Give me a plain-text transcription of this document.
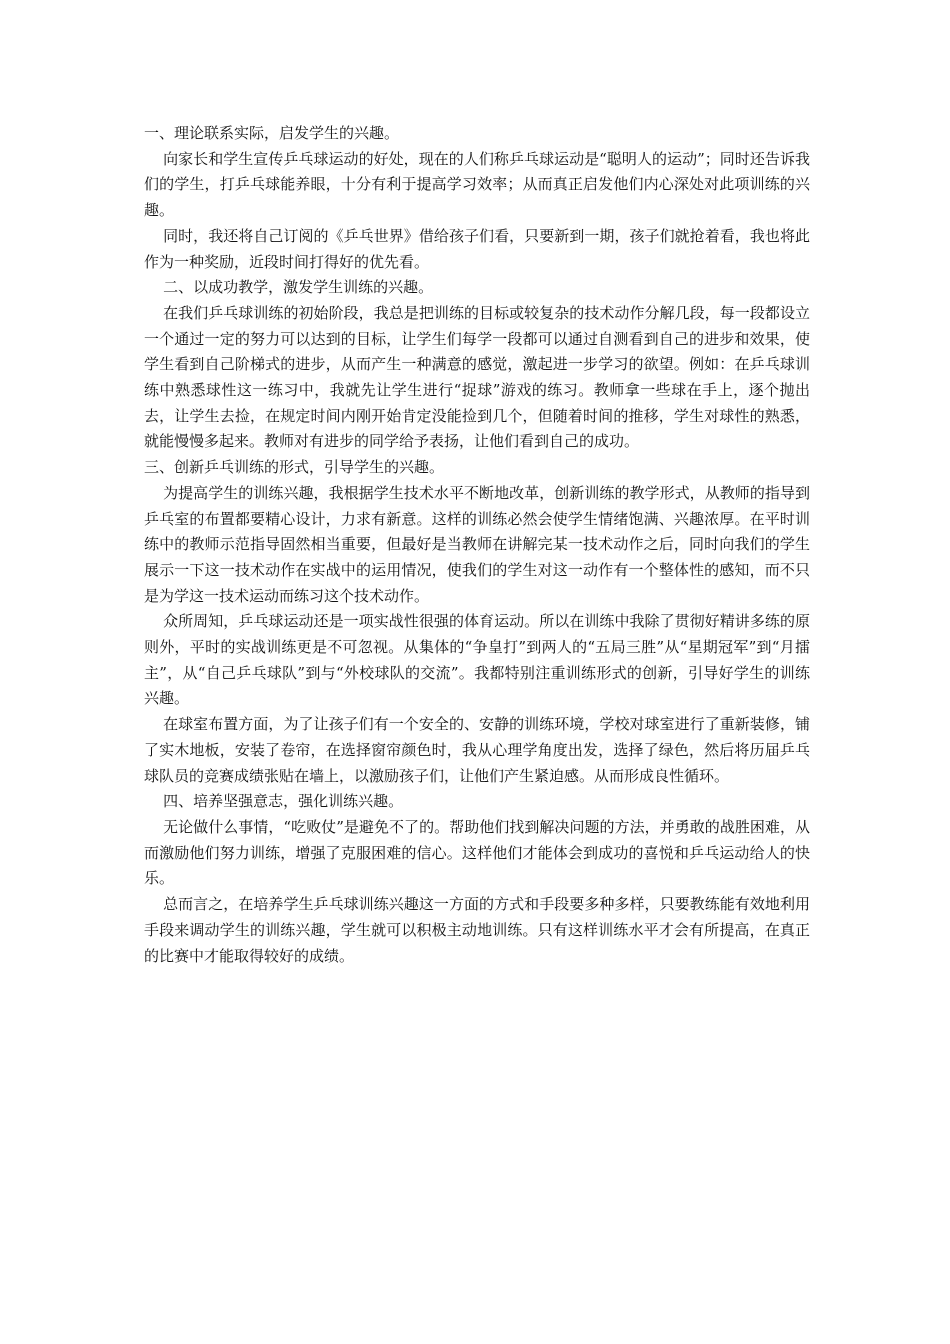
一、理论联系实际，启发学生的兴趣。

向家长和学生宣传乒乓球运动的好处，现在的人们称乒乓球运动是“聪明人的运动”；同时还告诉我们的学生，打乒乓球能养眼，十分有利于提高学习效率；从而真正启发他们内心深处对此项训练的兴趣。

同时，我还将自己订阅的《乒乓世界》借给孩子们看，只要新到一期，孩子们就抢着看，我也将此作为一种奖励，近段时间打得好的优先看。

二、以成功教学，激发学生训练的兴趣。

在我们乒乓球训练的初始阶段，我总是把训练的目标或较复杂的技术动作分解几段，每一段都设立一个通过一定的努力可以达到的目标，让学生们每学一段都可以通过自测看到自己的进步和效果，使学生看到自己阶梯式的进步，从而产生一种满意的感觉，激起进一步学习的欲望。例如：在乒乓球训练中熟悉球性这一练习中，我就先让学生进行“捉球”游戏的练习。教师拿一些球在手上，逐个抛出去，让学生去捡，在规定时间内刚开始肯定没能捡到几个，但随着时间的推移，学生对球性的熟悉，就能慢慢多起来。教师对有进步的同学给予表扬，让他们看到自己的成功。

三、创新乒乓训练的形式，引导学生的兴趣。

为提高学生的训练兴趣，我根据学生技术水平不断地改革，创新训练的教学形式，从教师的指导到乒乓室的布置都要精心设计，力求有新意。这样的训练必然会使学生情绪饱满、兴趣浓厚。在平时训练中的教师示范指导固然相当重要，但最好是当教师在讲解完某一技术动作之后，同时向我们的学生展示一下这一技术动作在实战中的运用情况，使我们的学生对这一动作有一个整体性的感知，而不只是为学这一技术运动而练习这个技术动作。

众所周知，乒乓球运动还是一项实战性很强的体育运动。所以在训练中我除了贯彻好精讲多练的原则外，平时的实战训练更是不可忽视。从集体的“争皇打”到两人的“五局三胜”从“星期冠军”到“月擂主”，从“自己乒乓球队”到与“外校球队的交流”。我都特别注重训练形式的创新，引导好学生的训练兴趣。

在球室布置方面，为了让孩子们有一个安全的、安静的训练环境，学校对球室进行了重新装修，铺了实木地板，安装了卷帘，在选择窗帘颜色时，我从心理学角度出发，选择了绿色，然后将历届乒乓球队员的竞赛成绩张贴在墙上，以激励孩子们，让他们产生紧迫感。从而形成良性循环。

四、培养坚强意志，强化训练兴趣。

无论做什么事情，“吃败仗”是避免不了的。帮助他们找到解决问题的方法，并勇敢的战胜困难，从而激励他们努力训练，增强了克服困难的信心。这样他们才能体会到成功的喜悦和乒乓运动给人的快乐。

总而言之，在培养学生乒乓球训练兴趣这一方面的方式和手段要多种多样，只要教练能有效地利用手段来调动学生的训练兴趣，学生就可以积极主动地训练。只有这样训练水平才会有所提高，在真正的比赛中才能取得较好的成绩。
